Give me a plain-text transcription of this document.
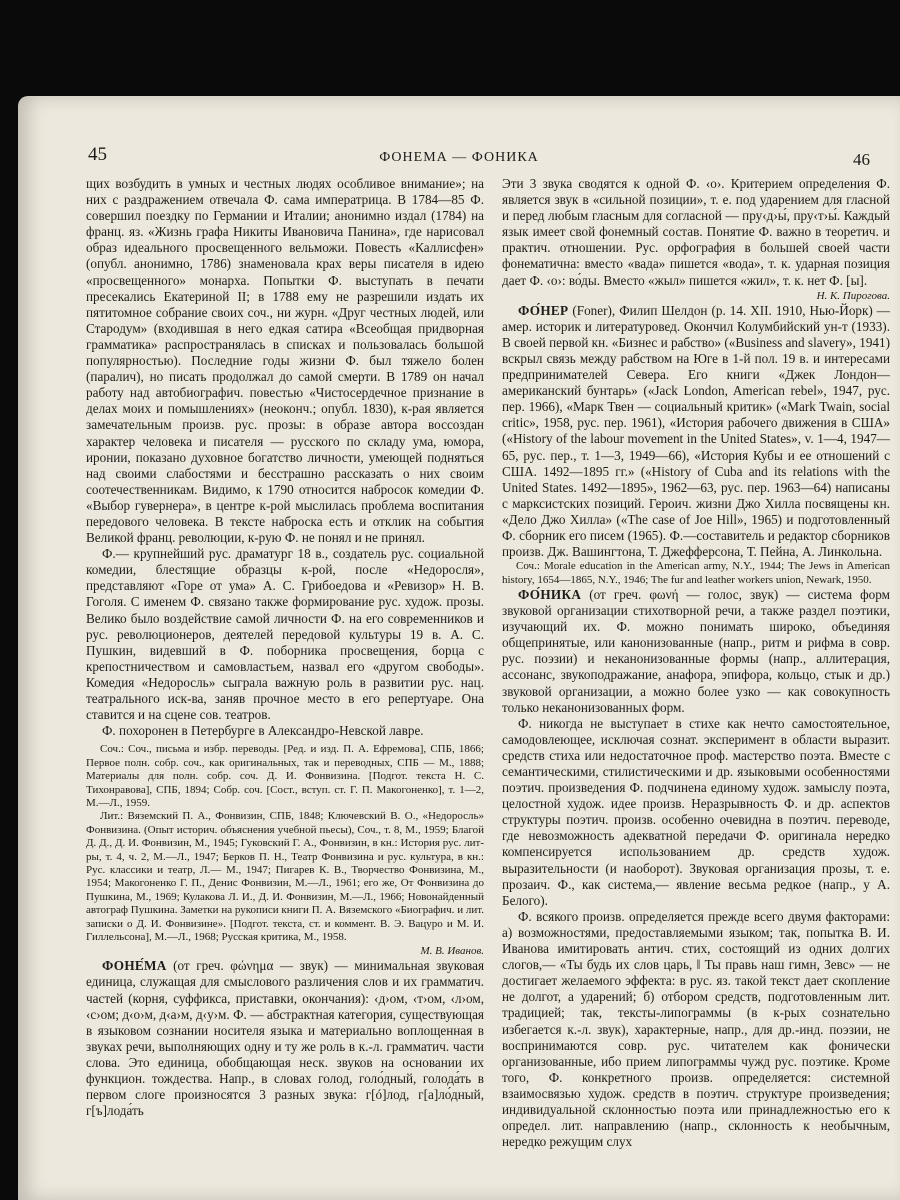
45	ФОНЕМА — ФОНИКА	46

щих возбудить в умных и честных людях особливое внимание»; на них с раздражением отвечала Ф. сама императрица. В 1784—85 Ф. совершил поездку по Германии и Италии; анонимно издал (1784) на франц. яз. «Жизнь графа Никиты Ивановича Панина», где нарисовал образ идеального просвещенного вельможи. Повесть «Каллисфен» (опубл. анонимно, 1786) знаменовала крах веры писателя в идею «просвещенного» монарха. Попытки Ф. выступать в печати пресекались Екатериной II; в 1788 ему не разрешили издать их пятитомное собрание своих соч., ни журн. «Друг честных людей, или Стародум» (входившая в него едкая сатира «Всеобщая придворная грамматика» распространялась в списках и пользовалась большой популярностью). Последние годы жизни Ф. был тяжело болен (паралич), но писать продолжал до самой смерти. В 1789 он начал работу над автобиографич. повестью «Чистосердечное признание в делах моих и помышлениях» (неоконч.; опубл. 1830), к-рая является замечательным произв. рус. прозы: в образе автора воссоздан характер человека и писателя — русского по складу ума, юмора, иронии, показано духовное богатство личности, умеющей подняться над своими слабостями и бесстрашно рассказать о них своим соотечественникам. Видимо, к 1790 относится набросок комедии Ф. «Выбор гувернера», в центре к-рой мыслилась проблема воспитания передового человека. В тексте наброска есть и отклик на события Великой франц. революции, к-рую Ф. не понял и не принял.

Ф.— крупнейший рус. драматург 18 в., создатель рус. социальной комедии, блестящие образцы к-рой, после «Недоросля», представляют «Горе от ума» А. С. Грибоедова и «Ревизор» Н. В. Гоголя. С именем Ф. связано также формирование рус. худож. прозы. Велико было воздействие самой личности Ф. на его современников и рус. революционеров, деятелей передовой культуры 19 в. А. С. Пушкин, видевший в Ф. поборника просвещения, борца с крепостничеством и самовластьем, назвал его «другом свободы». Комедия «Недоросль» сыграла важную роль в развитии рус. нац. театрального иск-ва, заняв прочное место в его репертуаре. Она ставится и на сцене сов. театров.

Ф. похоронен в Петербурге в Александро-Невской лавре.

Соч.: Соч., письма и избр. переводы. [Ред. и изд. П. А. Ефремова], СПБ, 1866; Первое полн. собр. соч., как оригинальных, так и переводных, СПБ — М., 1888; Материалы для полн. собр. соч. Д. И. Фонвизина. [Подгот. текста Н. С. Тихонравова], СПБ, 1894; Собр. соч. [Сост., вступ. ст. Г. П. Макогоненко], т. 1—2, М.—Л., 1959.

Лит.: Вяземский П. А., Фонвизин, СПБ, 1848; Ключевский В. О., «Недоросль» Фонвизина. (Опыт историч. объяснения учебной пьесы), Соч., т. 8, М., 1959; Благой Д. Д., Д. И. Фонвизин, М., 1945; Гуковский Г. А., Фонвизин, в кн.: История рус. лит-ры, т. 4, ч. 2, М.—Л., 1947; Берков П. Н., Театр Фонвизина и рус. культура, в кн.: Рус. классики и театр, Л.— М., 1947; Пигарев К. В., Творчество Фонвизина, М., 1954; Макогоненко Г. П., Денис Фонвизин, М.—Л., 1961; его же, От Фонвизина до Пушкина, М., 1969; Кулакова Л. И., Д. И. Фонвизин, М.—Л., 1966; Новонайденный автограф Пушкина. Заметки на рукописи книги П. А. Вяземского «Биографич. и лит. записки о Д. И. Фонвизине». [Подгот. текста, ст. и коммент. В. Э. Вацуро и М. И. Гиллельсона], М.—Л., 1968; Русская критика, М., 1958.

М. В. Иванов.

ФОНЕ́МА (от греч. φώνημα — звук) — минимальная звуковая единица, служащая для смыслового различения слов и их грамматич. частей (корня, суффикса, приставки, окончания): ‹д›ом, ‹т›ом, ‹л›ом, ‹с›ом; д‹о›м, д‹а›м, д‹у›м. Ф. — абстрактная категория, существующая в языковом сознании носителя языка и материально воплощенная в звуках речи, выполняющих одну и ту же роль в к.-л. грамматич. части слова. Это единица, обобщающая неск. звуков на основании их функцион. тождества. Напр., в словах голод, голо́дный, голода́ть в первом слоге произносятся 3 разных звука: г[ó]лод, г[а]ло́дный, г[ъ]лода́ть

Эти 3 звука сводятся к одной Ф. ‹о›. Критерием определения Ф. является звук в «сильной позиции», т. е. под ударением для гласной и перед любым гласным для согласной — пру‹д›ы́, пру‹т›ы́. Каждый язык имеет свой фонемный состав. Понятие Ф. важно в теоретич. и практич. отношении. Рус. орфография в большей своей части фонематична: вместо «вада» пишется «вода», т. к. ударная позиция дает Ф. ‹о›: во́ды. Вместо «жыл» пишется «жил», т. к. нет Ф. [ы].

Н. К. Пирогова.

ФО́НЕР (Foner), Филип Шелдон (р. 14. XII. 1910, Нью-Йорк) — амер. историк и литературовед. Окончил Колумбийский ун-т (1933). В своей первой кн. «Бизнес и рабство» («Business and slavery», 1941) вскрыл связь между рабством на Юге в 1-й пол. 19 в. и интересами предпринимателей Севера. Его книги «Джек Лондон— американский бунтарь» («Jack London, American rebel», 1947, рус. пер. 1966), «Марк Твен — социальный критик» («Mark Twain, social critic», 1958, рус. пер. 1961), «История рабочего движения в США» («History of the labour movement in the United States», v. 1—4, 1947—65, рус. пер., т. 1—3, 1949—66), «История Кубы и ее отношений с США. 1492—1895 гг.» («History of Cuba and its relations with the United States. 1492—1895», 1962—63, рус. пер. 1963—64) написаны с марксистских позиций. Героич. жизни Джо Хилла посвящены кн. «Дело Джо Хилла» («The case of Joe Hill», 1965) и подготовленный Ф. сборник его писем (1965). Ф.—составитель и редактор сборников произв. Дж. Вашингтона, Т. Джефферсона, Т. Пейна, А. Линкольна.

Соч.: Morale education in the American army, N.Y., 1944; The Jews in American history, 1654—1865, N.Y., 1946; The fur and leather workers union, Newark, 1950.

ФО́НИКА (от греч. φωνή — голос, звук) — система форм звуковой организации стихотворной речи, а также раздел поэтики, изучающий их. Ф. можно понимать широко, объединяя общепринятые, или канонизованные (напр., ритм и рифма в совр. рус. поэзии) и неканонизованные формы (напр., аллитерация, ассонанс, звукоподражание, анафора, эпифора, кольцо, стык и др.) звуковой организации, а можно более узко — как совокупность только неканонизованных форм.

Ф. никогда не выступает в стихе как нечто самостоятельное, самодовлеющее, исключая сознат. эксперимент в области выразит. средств стиха или недостаточное проф. мастерство поэта. Вместе с семантическими, стилистическими и др. языковыми особенностями поэтич. произведения Ф. подчинена единому худож. замыслу поэта, целостной худож. идее произв. Неразрывность Ф. и др. аспектов структуры поэтич. произв. особенно очевидна в поэтич. переводе, где невозможность адекватной передачи Ф. оригинала нередко компенсируется использованием др. средств худож. выразительности (и наоборот). Звуковая организация прозы, т. е. прозаич. Ф., как система,— явление весьма редкое (напр., у А. Белого).

Ф. всякого произв. определяется прежде всего двумя факторами: а) возможностями, предоставляемыми языком; так, попытка В. И. Иванова имитировать антич. стих, состоящий из одних долгих слогов,— «Ты будь их слов царь, ‖ Ты правь наш гимн, Зевс» — не достигает желаемого эффекта: в рус. яз. такой текст дает скопление не долгот, а ударений; б) отбором средств, подготовленным лит. традицией; так, тексты-липограммы (в к-рых сознательно избегается к.-л. звук), характерные, напр., для др.-инд. поэзии, не воспринимаются совр. рус. читателем как фонически организованные, ибо прием липограммы чужд рус. поэтике. Кроме того, Ф. конкретного произв. определяется: системной взаимосвязью худож. средств в поэтич. структуре произведения; индивидуальной склонностью поэта или принадлежностью его к определ. лит. направлению (напр., склонность к необычным, нередко режущим слух
